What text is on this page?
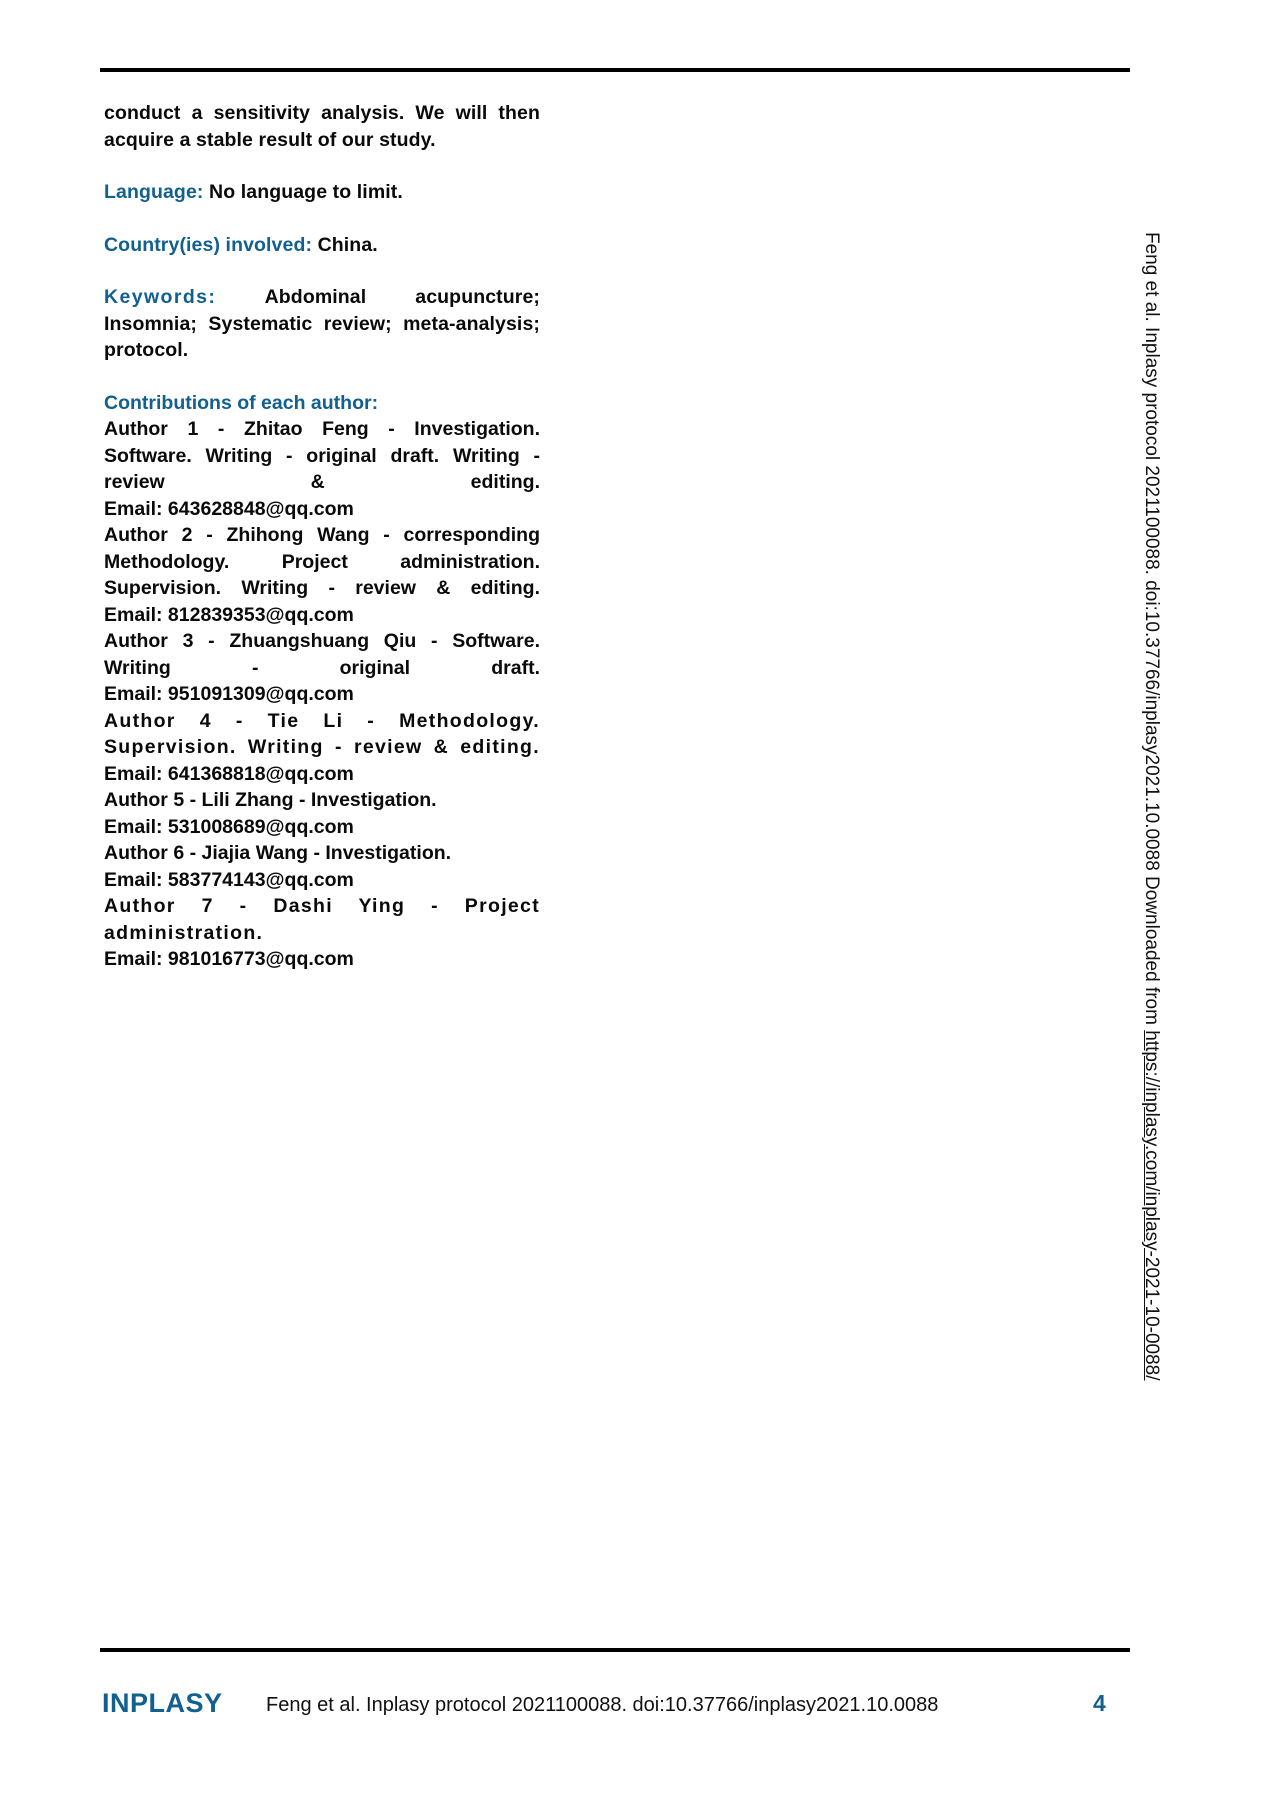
conduct a sensitivity analysis. We will then acquire a stable result of our study.

Language: No language to limit.

Country(ies) involved: China.

Keywords: Abdominal acupuncture; Insomnia; Systematic review; meta-analysis; protocol.

Contributions of each author:

Author 1 - Zhitao Feng - Investigation. Software. Writing - original draft. Writing - review & editing.

Email: 643628848@qq.com

Author 2 - Zhihong Wang - corresponding Methodology. Project administration. Supervision. Writing - review & editing.

Email: 812839353@qq.com

Author 3 - Zhuangshuang Qiu - Software. Writing - original draft.

Email: 951091309@qq.com

Author 4 - Tie Li - Methodology. Supervision. Writing - review & editing.

Email: 641368818@qq.com

Author 5 - Lili Zhang - Investigation.

Email: 531008689@qq.com

Author 6 - Jiajia Wang - Investigation.

Email: 583774143@qq.com

Author 7 - Dashi Ying - Project administration.

Email: 981016773@qq.com	Feng et al. Inplasy protocol 2021100088. doi:10.37766/inplasy2021.10.0088 Downloaded from https://inplasy.com/inplasy-2021-10-0088/
INPLASY Feng et al. Inplasy protocol 2021100088. doi:10.37766/inplasy2021.10.0088	4
